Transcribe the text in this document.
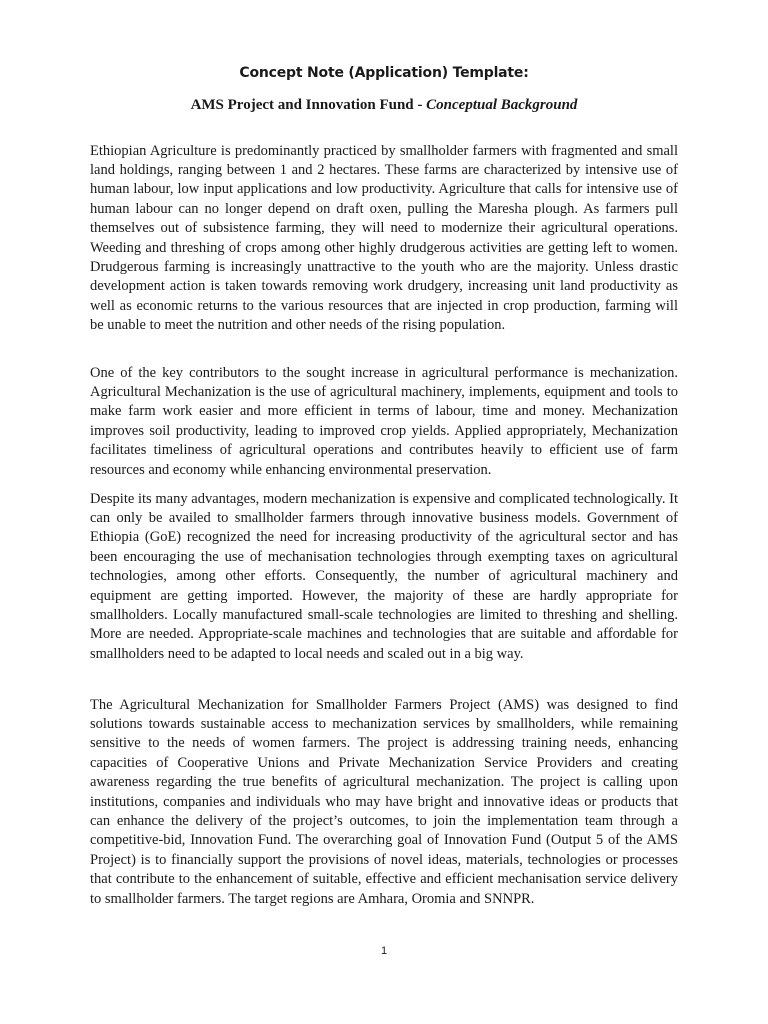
Concept Note (Application) Template:
AMS Project and Innovation Fund - Conceptual Background

Ethiopian Agriculture is predominantly practiced by smallholder farmers with fragmented and small land holdings, ranging between 1 and 2 hectares. These farms are characterized by intensive use of human labour, low input applications and low productivity. Agriculture that calls for intensive use of human labour can no longer depend on draft oxen, pulling the Maresha plough. As farmers pull themselves out of subsistence farming, they will need to modernize their agricultural operations. Weeding and threshing of crops among other highly drudgerous activities are getting left to women. Drudgerous farming is increasingly unattractive to the youth who are the majority. Unless drastic development action is taken towards removing work drudgery, increasing unit land productivity as well as economic returns to the various resources that are injected in crop production, farming will be unable to meet the nutrition and other needs of the rising population.

One of the key contributors to the sought increase in agricultural performance is mechanization. Agricultural Mechanization is the use of agricultural machinery, implements, equipment and tools to make farm work easier and more efficient in terms of labour, time and money. Mechanization improves soil productivity, leading to improved crop yields. Applied appropriately, Mechanization facilitates timeliness of agricultural operations and contributes heavily to efficient use of farm resources and economy while enhancing environmental preservation.

Despite its many advantages, modern mechanization is expensive and complicated technologically. It can only be availed to smallholder farmers through innovative business models. Government of Ethiopia (GoE) recognized the need for increasing productivity of the agricultural sector and has been encouraging the use of mechanisation technologies through exempting taxes on agricultural technologies, among other efforts. Consequently, the number of agricultural machinery and equipment are getting imported. However, the majority of these are hardly appropriate for smallholders. Locally manufactured small-scale technologies are limited to threshing and shelling. More are needed. Appropriate-scale machines and technologies that are suitable and affordable for smallholders need to be adapted to local needs and scaled out in a big way.

The Agricultural Mechanization for Smallholder Farmers Project (AMS) was designed to find solutions towards sustainable access to mechanization services by smallholders, while remaining sensitive to the needs of women farmers. The project is addressing training needs, enhancing capacities of Cooperative Unions and Private Mechanization Service Providers and creating awareness regarding the true benefits of agricultural mechanization. The project is calling upon institutions, companies and individuals who may have bright and innovative ideas or products that can enhance the delivery of the project’s outcomes, to join the implementation team through a competitive-bid, Innovation Fund. The overarching goal of Innovation Fund (Output 5 of the AMS Project) is to financially support the provisions of novel ideas, materials, technologies or processes that contribute to the enhancement of suitable, effective and efficient mechanisation service delivery to smallholder farmers. The target regions are Amhara, Oromia and SNNPR.

1
